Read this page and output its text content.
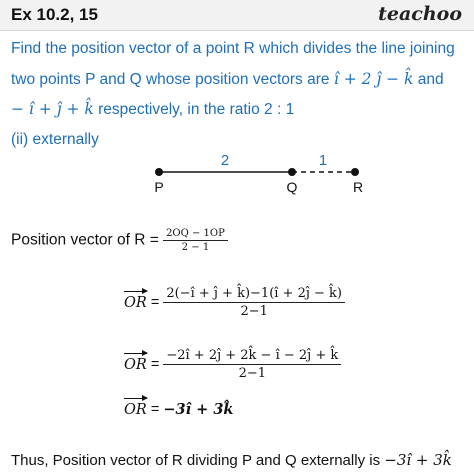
Ex 10.2, 15	teachoo
Find the position vector of a point R which divides the line joining
two points P and Q whose position vectors are î + 2 ĵ − k̂ and
− î + ĵ + k̂ respectively, in the ratio 2 : 1
(ii) externally
2	1
P	Q	R
Position vector of $R = \frac{2OQ - 1OP}{2 - 1}$
OR = $\frac{2(-î + ĵ + k̂)-1(î + 2ĵ - k̂)}{2-1}$
OR = $\frac{-2î + 2ĵ + 2k̂ - î - 2ĵ + k̂}{2-1}$
OR = −3î + 3k̂
Thus, Position vector of R dividing P and Q externally is −3î + 3k̂
